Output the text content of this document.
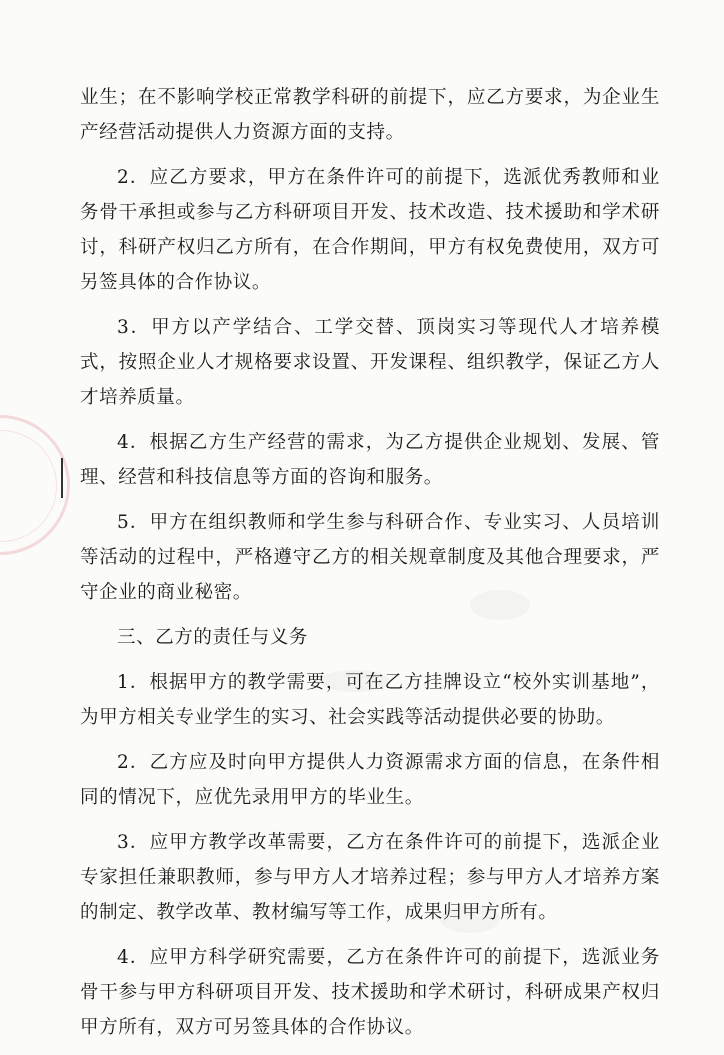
业生；在不影响学校正常教学科研的前提下，应乙方要求，为企业生产经营活动提供人力资源方面的支持。

2．应乙方要求，甲方在条件许可的前提下，选派优秀教师和业务骨干承担或参与乙方科研项目开发、技术改造、技术援助和学术研讨，科研产权归乙方所有，在合作期间，甲方有权免费使用，双方可另签具体的合作协议。

3．甲方以产学结合、工学交替、顶岗实习等现代人才培养模式，按照企业人才规格要求设置、开发课程、组织教学，保证乙方人才培养质量。

4．根据乙方生产经营的需求，为乙方提供企业规划、发展、管理、经营和科技信息等方面的咨询和服务。

5．甲方在组织教师和学生参与科研合作、专业实习、人员培训等活动的过程中，严格遵守乙方的相关规章制度及其他合理要求，严守企业的商业秘密。

三、乙方的责任与义务

1．根据甲方的教学需要，可在乙方挂牌设立“校外实训基地”，为甲方相关专业学生的实习、社会实践等活动提供必要的协助。

2．乙方应及时向甲方提供人力资源需求方面的信息，在条件相同的情况下，应优先录用甲方的毕业生。

3．应甲方教学改革需要，乙方在条件许可的前提下，选派企业专家担任兼职教师，参与甲方人才培养过程；参与甲方人才培养方案的制定、教学改革、教材编写等工作，成果归甲方所有。

4．应甲方科学研究需要，乙方在条件许可的前提下，选派业务骨干参与甲方科研项目开发、技术援助和学术研讨，科研成果产权归甲方所有，双方可另签具体的合作协议。
